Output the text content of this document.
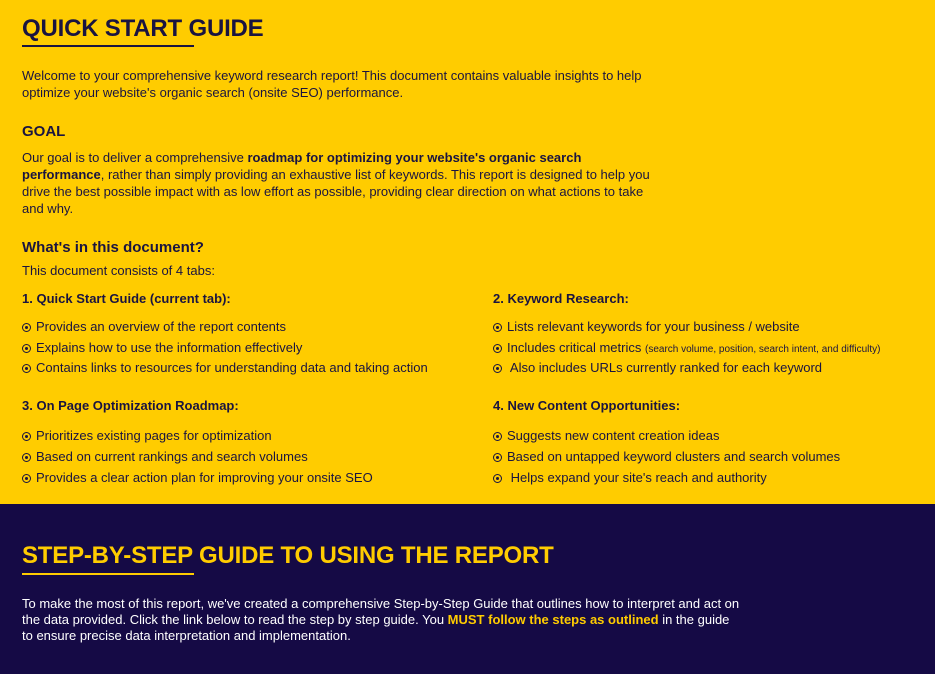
QUICK START GUIDE
Welcome to your comprehensive keyword research report! This document contains valuable insights to help optimize your website's organic search (onsite SEO) performance.
GOAL
Our goal is to deliver a comprehensive roadmap for optimizing your website's organic search performance, rather than simply providing an exhaustive list of keywords. This report is designed to help you drive the best possible impact with as low effort as possible, providing clear direction on what actions to take and why.
What's in this document?
This document consists of 4 tabs:
1. Quick Start Guide (current tab):
Provides an overview of the report contents
Explains how to use the information effectively
Contains links to resources for understanding data and taking action
2. Keyword Research:
Lists relevant keywords for your business / website
Includes critical metrics (search volume, position, search intent, and difficulty)
Also includes URLs currently ranked for each keyword
3. On Page Optimization Roadmap:
Prioritizes existing pages for optimization
Based on current rankings and search volumes
Provides a clear action plan for improving your onsite SEO
4. New Content Opportunities:
Suggests new content creation ideas
Based on untapped keyword clusters and search volumes
Helps expand your site's reach and authority
STEP-BY-STEP GUIDE TO USING THE REPORT
To make the most of this report, we've created a comprehensive Step-by-Step Guide that outlines how to interpret and act on the data provided. Click the link below to read the step by step guide. You MUST follow the steps as outlined in the guide to ensure precise data interpretation and implementation.
